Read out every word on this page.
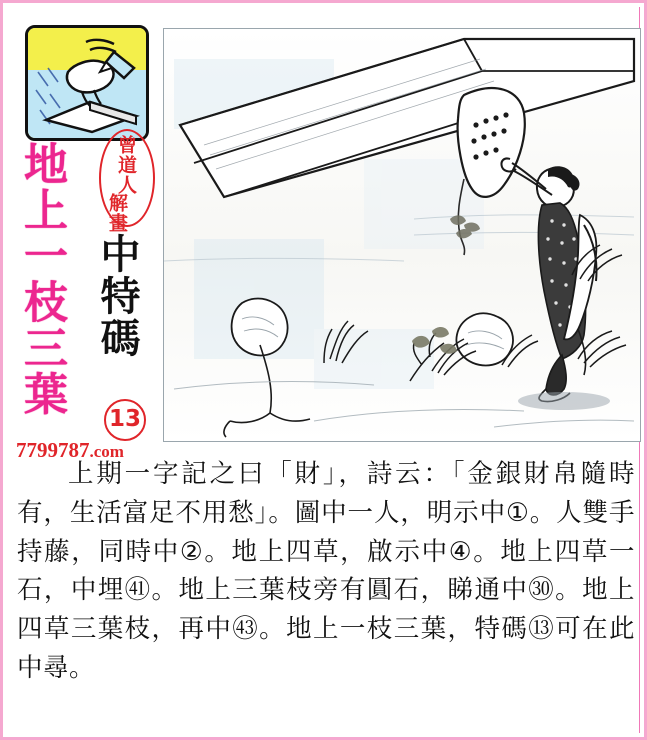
地上一枝三葉	曾道人
解畫
中特碼
13
7799787.com

上期一字記之曰「財」，詩云：「金銀財帛隨時有，生活富足不用愁」。圖中一人，明示中①。人雙手持藤，同時中②。地上四草，啟示中④。地上四草一石，中埋㊶。地上三葉枝旁有圓石，睇通中㉚。地上四草三葉枝，再中㊸。地上一枝三葉，特碼⑬可在此中尋。
